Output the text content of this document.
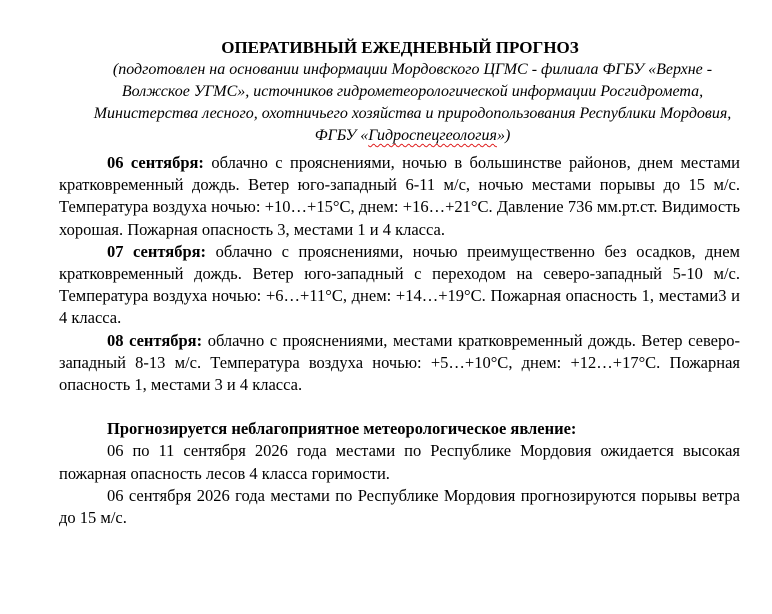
ОПЕРАТИВНЫЙ ЕЖЕДНЕВНЫЙ ПРОГНОЗ
(подготовлен на основании информации Мордовского ЦГМС - филиала ФГБУ «Верхне - Волжское УГМС», источников гидрометеорологической информации Росгидромета, Министерства лесного, охотничьего хозяйства и природопользования Республики Мордовия, ФГБУ «Гидроспецгеология»)

06 сентября: облачно с прояснениями, ночью в большинстве районов, днем местами кратковременный дождь. Ветер юго-западный 6-11 м/с, ночью местами порывы до 15 м/с. Температура воздуха ночью: +10…+15°С, днем: +16…+21°С. Давление 736 мм.рт.ст. Видимость хорошая. Пожарная опасность 3, местами 1 и 4 класса.

07 сентября: облачно с прояснениями, ночью преимущественно без осадков, днем кратковременный дождь. Ветер юго-западный с переходом на северо-западный 5-10 м/с. Температура воздуха ночью: +6…+11°С, днем: +14…+19°С. Пожарная опасность 1, местами3 и 4 класса.

08 сентября: облачно с прояснениями, местами кратковременный дождь. Ветер северо-западный 8-13 м/с. Температура воздуха ночью: +5…+10°С, днем: +12…+17°С. Пожарная опасность 1, местами 3 и 4 класса.

Прогнозируется неблагоприятное метеорологическое явление:

06 по 11 сентября 2026 года местами по Республике Мордовия ожидается высокая пожарная опасность лесов 4 класса горимости.

06 сентября 2026 года местами по Республике Мордовия прогнозируются порывы ветра до 15 м/с.
